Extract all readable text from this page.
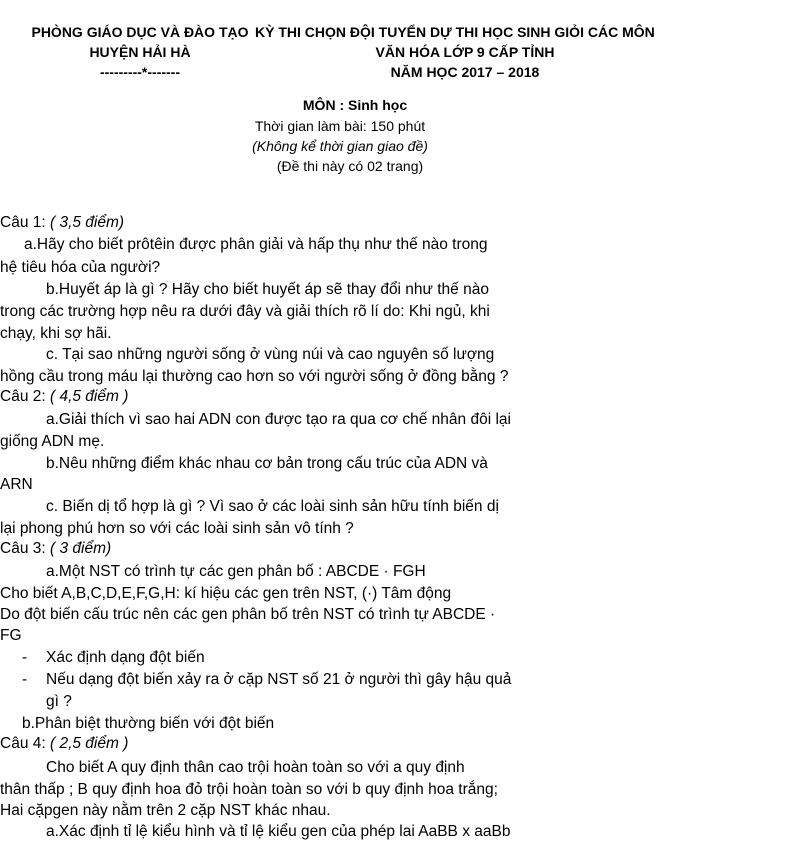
PHÒNG GIÁO DỤC VÀ ĐÀO TẠO
HUYỆN HẢI HÀ
---------*-------
KỲ THI CHỌN ĐỘI TUYỂN DỰ THI HỌC SINH GIỎI CÁC MÔN
VĂN HÓA LỚP 9 CẤP TỈNH
NĂM HỌC 2017 – 2018
MÔN : Sinh học
Thời gian làm bài: 150 phút
(Không kể thời gian giao đề)
(Đề thi này có 02 trang)
Câu 1: ( 3,5 điểm)
a.Hãy cho biết prôtêin được phân giải và hấp thụ như thế nào trong
hệ tiêu hóa của người?
b.Huyết áp là gì ? Hãy cho biết huyết áp sẽ thay đổi như thế nào
trong các trường hợp nêu ra dưới đây và giải thích rõ lí do: Khi ngủ, khi
chạy, khi sợ hãi.
c. Tại sao những người sống ở vùng núi và cao nguyên số lượng
hồng cầu trong máu lại thường cao hơn so với người sống ở đồng bằng ?
Câu 2: ( 4,5 điểm )
a.Giải thích vì sao hai ADN con được tạo ra qua cơ chế nhân đôi lại
giống ADN mẹ.
b.Nêu những điểm khác nhau cơ bản trong cấu trúc của ADN và
ARN
c. Biến dị tổ hợp là gì ? Vì sao ở các loài sinh sản hữu tính biến dị
lại phong phú hơn so với các loài sinh sản vô tính ?
Câu 3: ( 3 điểm)
a.Một NST có trình tự các gen phân bố : ABCDE · FGH
Cho biết A,B,C,D,E,F,G,H: kí hiệu các gen trên NST, (·) Tâm động
Do đột biến cấu trúc nên các gen phân bố trên NST có trình tự ABCDE ·
FG
- Xác định dạng đột biến
- Nếu dạng đột biến xảy ra ở cặp NST số 21 ở người thì gây hậu quả
gì ?
b.Phân biệt thường biến với đột biến
Câu 4: ( 2,5 điểm )
Cho biết A quy định thân cao trội hoàn toàn so với a quy định
thân thấp ; B quy định hoa đỏ trội hoàn toàn so với b quy định hoa trắng;
Hai cặpgen này nằm trên 2 cặp NST khác nhau.
a.Xác định tỉ lệ kiểu hình và tỉ lệ kiểu gen của phép lai AaBB x aaBb
